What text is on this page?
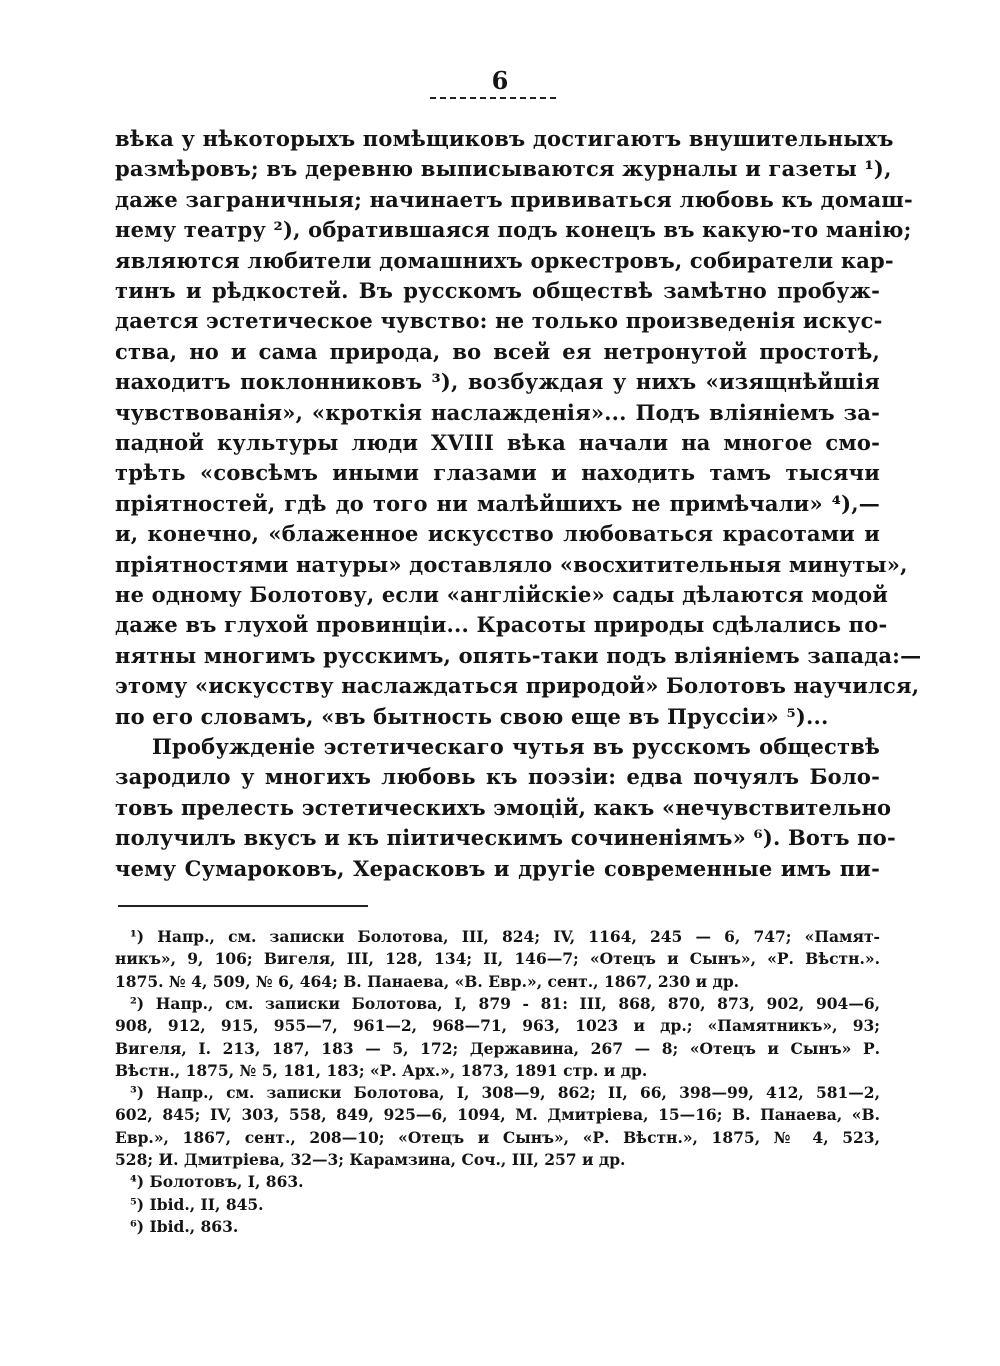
6
вѣка у нѣкоторыхъ помѣщиковъ достигаютъ внушительныхъ
размѣровъ; въ деревню выписываются журналы и газеты ¹),
даже заграничныя; начинаетъ прививаться любовь къ домаш-
нему театру ²), обратившаяся подъ конецъ въ какую-то манію;
являются любители домашнихъ оркестровъ, собиратели кар-
тинъ и рѣдкостей. Въ русскомъ обществѣ замѣтно пробуж-
дается эстетическое чувство: не только произведенія искус-
ства, но и сама природа, во всей ея нетронутой простотѣ,
находитъ поклонниковъ ³), возбуждая у нихъ «изящнѣйшія
чувствованія», «кроткія наслажденія»... Подъ вліяніемъ за-
падной культуры люди XVIII вѣка начали на многое смо-
трѣть «совсѣмъ иными глазами и находить тамъ тысячи
пріятностей, гдѣ до того ни малѣйшихъ не примѣчали» ⁴),—
и, конечно, «блаженное искусство любоваться красотами и
пріятностями натуры» доставляло «восхитительныя минуты»,
не одному Болотову, если «англійскіе» сады дѣлаются модой
даже въ глухой провинціи... Красоты природы сдѣлались по-
нятны многимъ русскимъ, опять-таки подъ вліяніемъ запада:—
этому «искусству наслаждаться природой» Болотовъ научился,
по его словамъ, «въ бытность свою еще въ Пруссіи» ⁵)...
Пробужденіе эстетическаго чутья въ русскомъ обществѣ
зародило у многихъ любовь къ поэзіи: едва почуялъ Боло-
товъ прелесть эстетическихъ эмоцій, какъ «нечувствительно
получилъ вкусъ и къ пiитическимъ сочиненіямъ» ⁶). Вотъ по-
чему Сумароковъ, Херасковъ и другіе современные имъ пи-
¹) Напр., см. записки Болотова, III, 824; IV, 1164, 245 — 6, 747; «Памят-
никъ», 9, 106; Вигеля, III, 128, 134; II, 146—7; «Отецъ и Сынъ», «Р. Вѣстн.».
1875. № 4, 509, № 6, 464; В. Панаева, «В. Евр.», сент., 1867, 230 и др.
²) Напр., см. записки Болотова, I, 879 - 81: III, 868, 870, 873, 902, 904—6,
908, 912, 915, 955—7, 961—2, 968—71, 963, 1023 и др.; «Памятникъ», 93;
Вигеля, I. 213, 187, 183 — 5, 172; Державина, 267 — 8; «Отецъ и Сынъ» Р.
Вѣстн., 1875, № 5, 181, 183; «Р. Арх.», 1873, 1891 стр. и др.
³) Напр., см. записки Болотова, I, 308—9, 862; II, 66, 398—99, 412, 581—2,
602, 845; IV, 303, 558, 849, 925—6, 1094, М. Дмитріева, 15—16; В. Панаева, «В.
Евр.», 1867, сент., 208—10; «Отецъ и Сынъ», «Р. Вѣстн.», 1875, № 4, 523,
528; И. Дмитріева, 32—3; Карамзина, Соч., III, 257 и др.
⁴) Болотовъ, I, 863.
⁵) Ibid., II, 845.
⁶) Ibid., 863.
